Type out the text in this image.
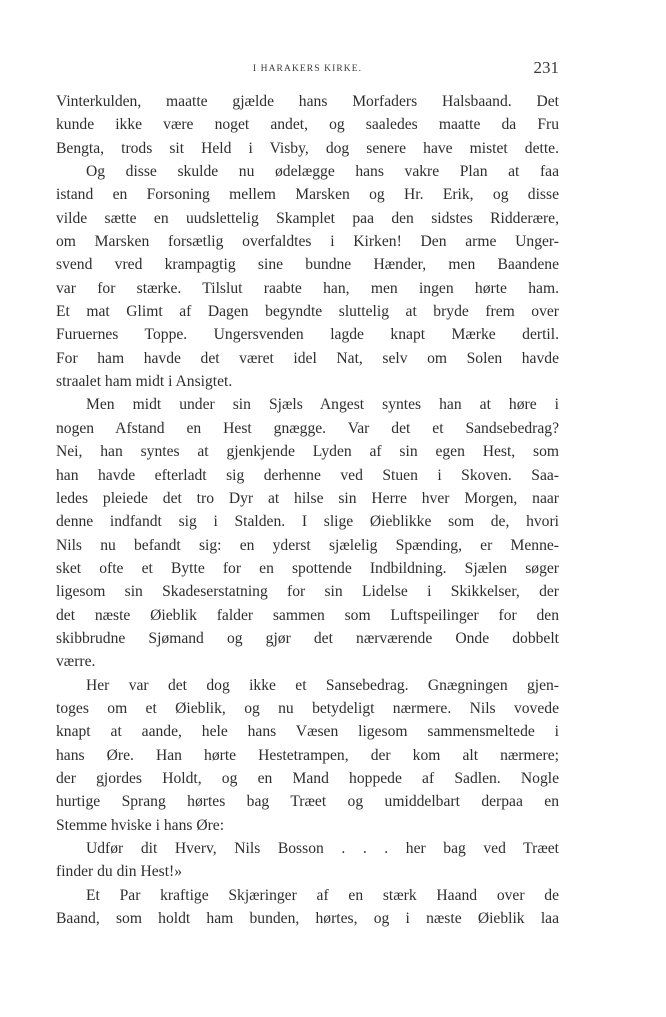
I HARAKERS KIRKE.	231
Vinterkulden, maatte gjælde hans Morfaders Halsbaand. Det
kunde ikke være noget andet, og saaledes maatte da Fru
Bengta, trods sit Held i Visby, dog senere have mistet dette.
Og disse skulde nu ødelægge hans vakre Plan at faa
istand en Forsoning mellem Marsken og Hr. Erik, og disse
vilde sætte en uudslettelig Skamplet paa den sidstes Ridderære,
om Marsken forsætlig overfaldtes i Kirken! Den arme Unger-
svend vred krampagtig sine bundne Hænder, men Baandene
var for stærke. Tilslut raabte han, men ingen hørte ham.
Et mat Glimt af Dagen begyndte sluttelig at bryde frem over
Furuernes Toppe. Ungersvenden lagde knapt Mærke dertil.
For ham havde det været idel Nat, selv om Solen havde
straalet ham midt i Ansigtet.
Men midt under sin Sjæls Angest syntes han at høre i
nogen Afstand en Hest gnægge. Var det et Sandsebedrag?
Nei, han syntes at gjenkjende Lyden af sin egen Hest, som
han havde efterladt sig derhenne ved Stuen i Skoven. Saa-
ledes pleiede det tro Dyr at hilse sin Herre hver Morgen, naar
denne indfandt sig i Stalden. I slige Øieblikke som de, hvori
Nils nu befandt sig: en yderst sjælelig Spænding, er Menne-
sket ofte et Bytte for en spottende Indbildning. Sjælen søger
ligesom sin Skadeserstatning for sin Lidelse i Skikkelser, der
det næste Øieblik falder sammen som Luftspeilinger for den
skibbrudne Sjømand og gjør det nærværende Onde dobbelt
værre.
Her var det dog ikke et Sansebedrag. Gnægningen gjen-
toges om et Øieblik, og nu betydeligt nærmere. Nils vovede
knapt at aande, hele hans Væsen ligesom sammensmeltede i
hans Øre. Han hørte Hestetrampen, der kom alt nærmere;
der gjordes Holdt, og en Mand hoppede af Sadlen. Nogle
hurtige Sprang hørtes bag Træet og umiddelbart derpaa en
Stemme hviske i hans Øre:
Udfør dit Hverv, Nils Bosson . . . her bag ved Træet
finder du din Hest!»
Et Par kraftige Skjæringer af en stærk Haand over de
Baand, som holdt ham bunden, hørtes, og i næste Øieblik laa
